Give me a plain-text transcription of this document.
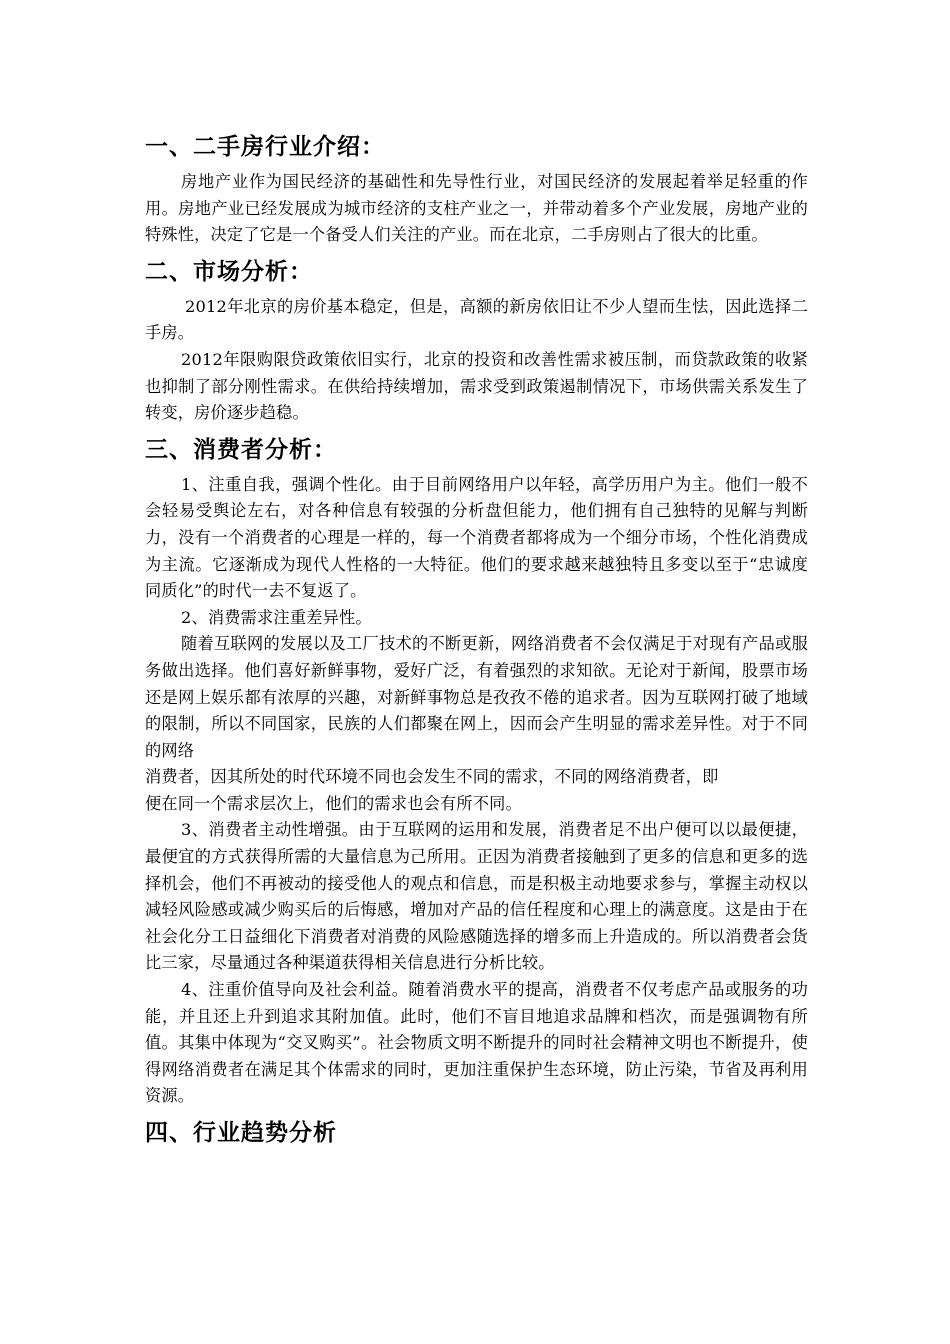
一、二手房行业介绍：

房地产业作为国民经济的基础性和先导性行业，对国民经济的发展起着举足轻重的作用。房地产业已经发展成为城市经济的支柱产业之一，并带动着多个产业发展，房地产业的特殊性，决定了它是一个备受人们关注的产业。而在北京，二手房则占了很大的比重。

二、市场分析：

2012年北京的房价基本稳定，但是，高额的新房依旧让不少人望而生怯，因此选择二手房。

2012年限购限贷政策依旧实行，北京的投资和改善性需求被压制，而贷款政策的收紧也抑制了部分刚性需求。在供给持续增加，需求受到政策遏制情况下，市场供需关系发生了转变，房价逐步趋稳。

三、消费者分析：

1、注重自我，强调个性化。由于目前网络用户以年轻，高学历用户为主。他们一般不会轻易受舆论左右，对各种信息有较强的分析盘但能力，他们拥有自己独特的见解与判断力，没有一个消费者的心理是一样的，每一个消费者都将成为一个细分市场，个性化消费成为主流。它逐渐成为现代人性格的一大特征。他们的要求越来越独特且多变以至于“忠诚度同质化”的时代一去不复返了。

2、消费需求注重差异性。

随着互联网的发展以及工厂技术的不断更新，网络消费者不会仅满足于对现有产品或服务做出选择。他们喜好新鲜事物，爱好广泛，有着强烈的求知欲。无论对于新闻，股票市场还是网上娱乐都有浓厚的兴趣，对新鲜事物总是孜孜不倦的追求者。因为互联网打破了地域的限制，所以不同国家，民族的人们都聚在网上，因而会产生明显的需求差异性。对于不同的网络

消费者，因其所处的时代环境不同也会发生不同的需求，不同的网络消费者，即

便在同一个需求层次上，他们的需求也会有所不同。

3、消费者主动性增强。由于互联网的运用和发展，消费者足不出户便可以以最便捷，最便宜的方式获得所需的大量信息为己所用。正因为消费者接触到了更多的信息和更多的选择机会，他们不再被动的接受他人的观点和信息，而是积极主动地要求参与，掌握主动权以减轻风险感或减少购买后的后悔感，增加对产品的信任程度和心理上的满意度。这是由于在社会化分工日益细化下消费者对消费的风险感随选择的增多而上升造成的。所以消费者会货比三家，尽量通过各种渠道获得相关信息进行分析比较。

4、注重价值导向及社会利益。随着消费水平的提高，消费者不仅考虑产品或服务的功能，并且还上升到追求其附加值。此时，他们不盲目地追求品牌和档次，而是强调物有所值。其集中体现为“交叉购买”。社会物质文明不断提升的同时社会精神文明也不断提升，使得网络消费者在满足其个体需求的同时，更加注重保护生态环境，防止污染，节省及再利用资源。

四、行业趋势分析
